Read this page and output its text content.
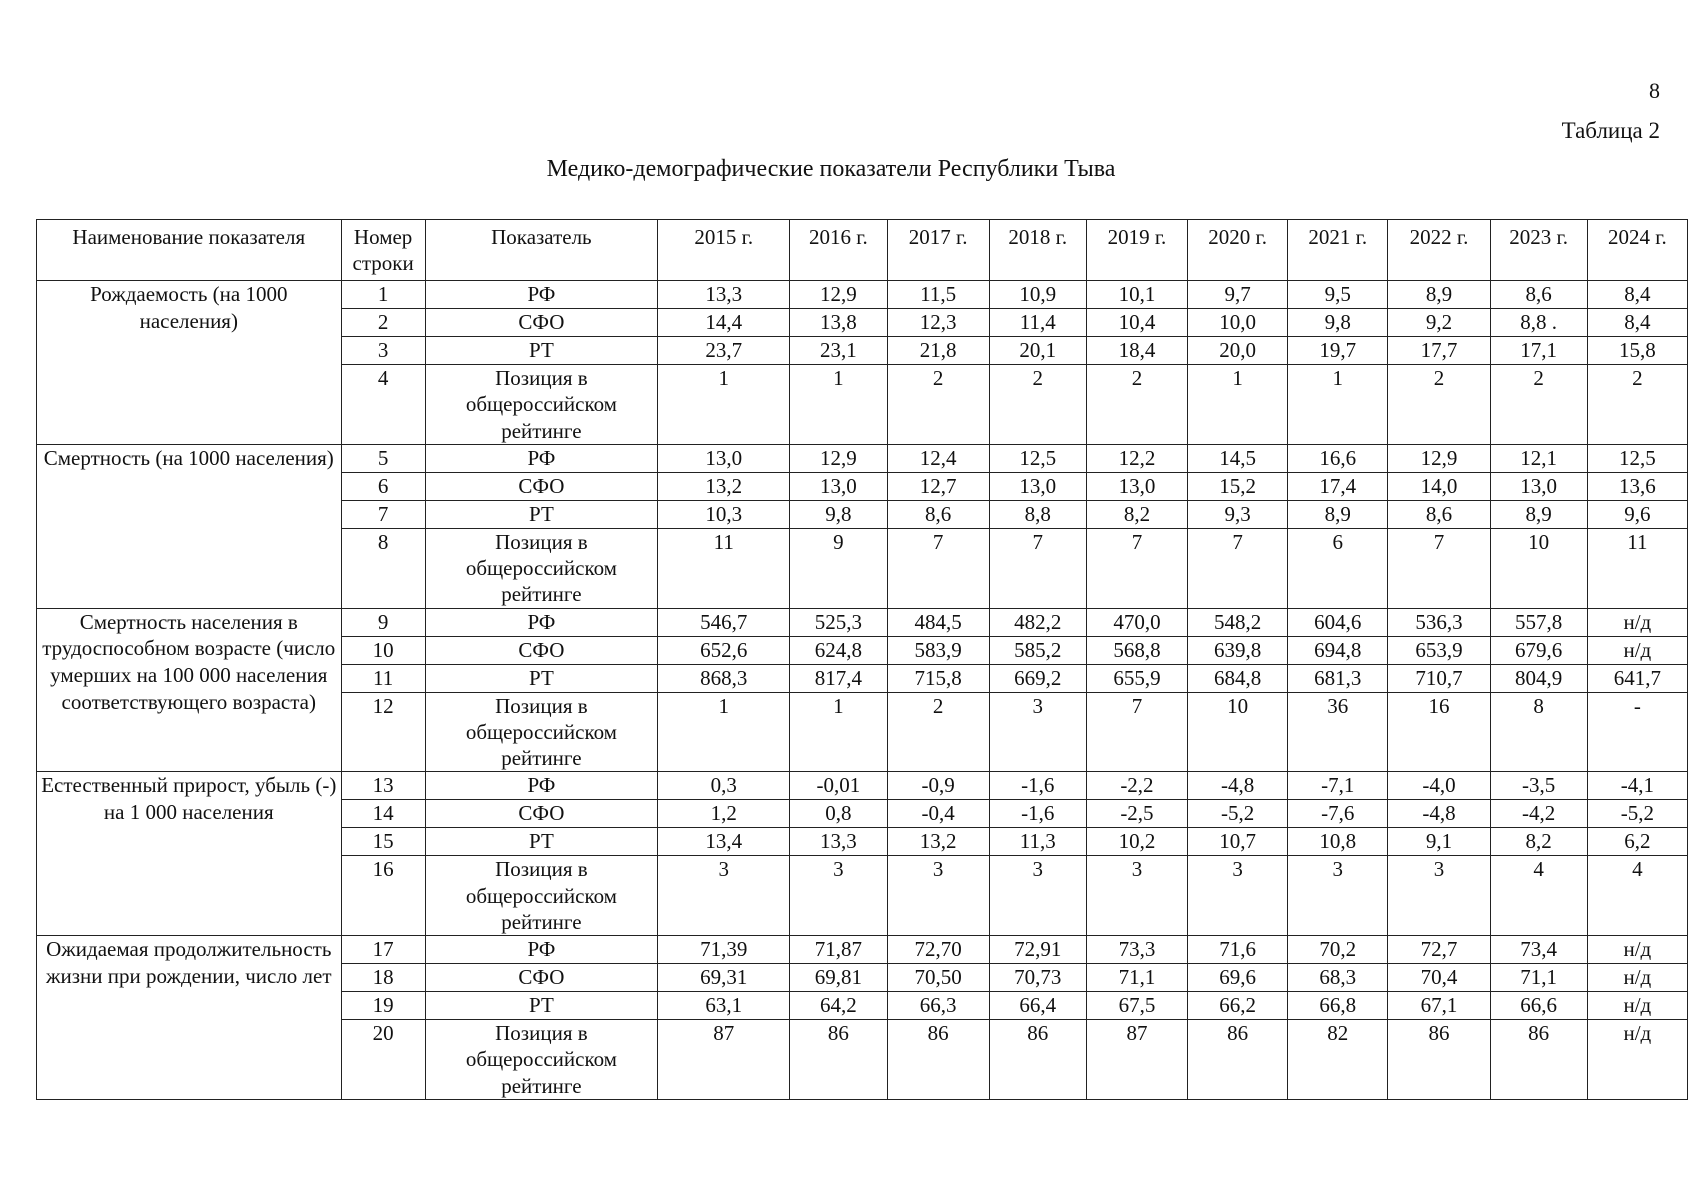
8
Таблица 2
Медико-демографические показатели Республики Тыва
Наименование показателя	Номер строки	Показатель	2015 г.	2016 г.	2017 г.	2018 г.	2019 г.	2020 г.	2021 г.	2022 г.	2023 г.	2024 г.
Рождаемость (на 1000 населения)	1	РФ	13,3	12,9	11,5	10,9	10,1	9,7	9,5	8,9	8,6	8,4
	2	СФО	14,4	13,8	12,3	11,4	10,4	10,0	9,8	9,2	8,8 .	8,4
	3	РТ	23,7	23,1	21,8	20,1	18,4	20,0	19,7	17,7	17,1	15,8
	4	Позиция в общероссийском рейтинге	1	1	2	2	2	1	1	2	2	2
Смертность (на 1000 населения)	5	РФ	13,0	12,9	12,4	12,5	12,2	14,5	16,6	12,9	12,1	12,5
	6	СФО	13,2	13,0	12,7	13,0	13,0	15,2	17,4	14,0	13,0	13,6
	7	РТ	10,3	9,8	8,6	8,8	8,2	9,3	8,9	8,6	8,9	9,6
	8	Позиция в общероссийском рейтинге	11	9	7	7	7	7	6	7	10	11
Смертность населения в трудоспособном возрасте (число умерших на 100 000 населения соответствующего возраста)	9	РФ	546,7	525,3	484,5	482,2	470,0	548,2	604,6	536,3	557,8	н/д
	10	СФО	652,6	624,8	583,9	585,2	568,8	639,8	694,8	653,9	679,6	н/д
	11	РТ	868,3	817,4	715,8	669,2	655,9	684,8	681,3	710,7	804,9	641,7
	12	Позиция в общероссийском рейтинге	1	1	2	3	7	10	36	16	8	-
Естественный прирост, убыль (-) на 1 000 населения	13	РФ	0,3	-0,01	-0,9	-1,6	-2,2	-4,8	-7,1	-4,0	-3,5	-4,1
	14	СФО	1,2	0,8	-0,4	-1,6	-2,5	-5,2	-7,6	-4,8	-4,2	-5,2
	15	РТ	13,4	13,3	13,2	11,3	10,2	10,7	10,8	9,1	8,2	6,2
	16	Позиция в общероссийском рейтинге	3	3	3	3	3	3	3	3	4	4
Ожидаемая продолжительность жизни при рождении, число лет	17	РФ	71,39	71,87	72,70	72,91	73,3	71,6	70,2	72,7	73,4	н/д
	18	СФО	69,31	69,81	70,50	70,73	71,1	69,6	68,3	70,4	71,1	н/д
	19	РТ	63,1	64,2	66,3	66,4	67,5	66,2	66,8	67,1	66,6	н/д
	20	Позиция в общероссийском рейтинге	87	86	86	86	87	86	82	86	86	н/д
